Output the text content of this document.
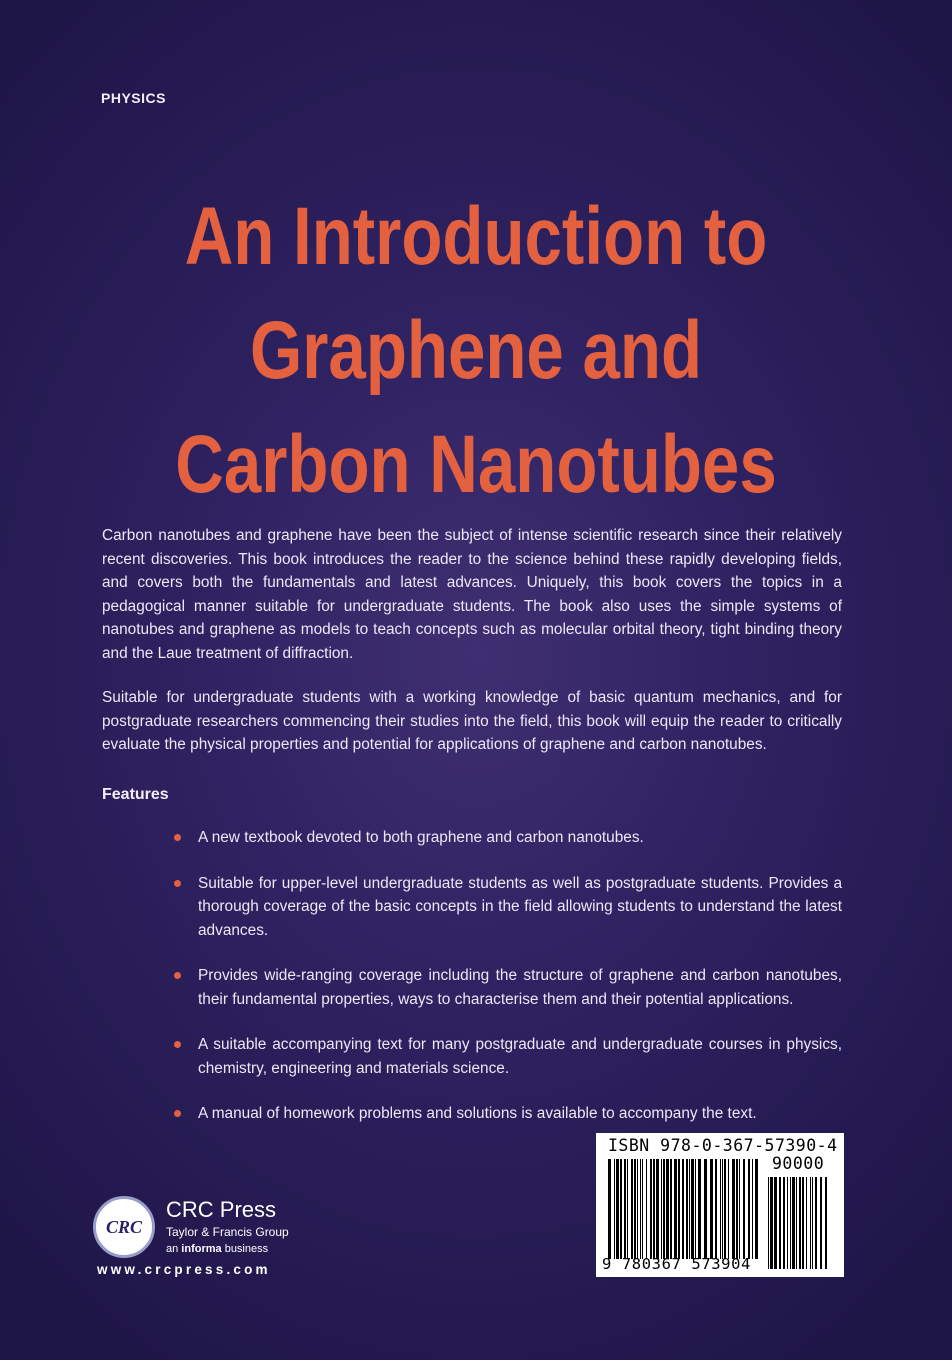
PHYSICS
An Introduction to
Graphene and
Carbon Nanotubes
Carbon nanotubes and graphene have been the subject of intense scientific research since their relatively recent discoveries. This book introduces the reader to the science behind these rapidly developing fields, and covers both the fundamentals and latest advances. Uniquely, this book covers the topics in a pedagogical manner suitable for undergraduate students. The book also uses the simple systems of nanotubes and graphene as models to teach concepts such as molecular orbital theory, tight binding theory and the Laue treatment of diffraction.
Suitable for undergraduate students with a working knowledge of basic quantum mechanics, and for postgraduate researchers commencing their studies into the field, this book will equip the reader to critically evaluate the physical properties and potential for applications of graphene and carbon nanotubes.
Features
A new textbook devoted to both graphene and carbon nanotubes.
Suitable for upper-level undergraduate students as well as postgraduate students. Provides a thorough coverage of the basic concepts in the field allowing students to understand the latest advances.
Provides wide-ranging coverage including the structure of graphene and carbon nanotubes, their fundamental properties, ways to characterise them and their potential applications.
A suitable accompanying text for many postgraduate and undergraduate courses in physics, chemistry, engineering and materials science.
A manual of homework problems and solutions is available to accompany the text.
ISBN 978-0-367-57390-4
90000
9 780367 573904
CRC
CRC Press
Taylor & Francis Group
an informa business
www.crcpress.com
